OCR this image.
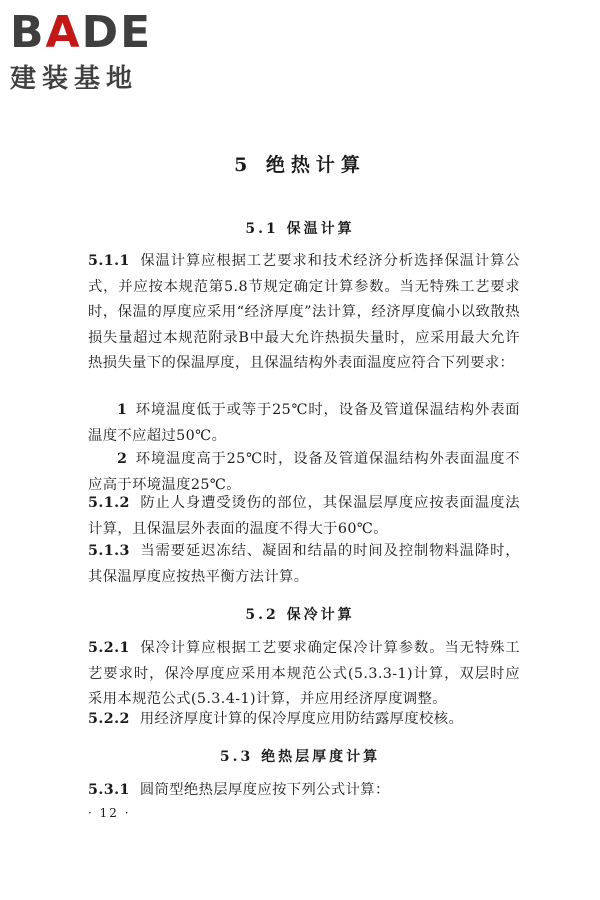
BADE
建装基地
5 绝热计算
5.1 保温计算

5.1.1 保温计算应根据工艺要求和技术经济分析选择保温计算公式，并应按本规范第5.8节规定确定计算参数。当无特殊工艺要求时，保温的厚度应采用“经济厚度”法计算，经济厚度偏小以致散热损失量超过本规范附录B中最大允许热损失量时，应采用最大允许热损失量下的保温厚度，且保温结构外表面温度应符合下列要求：

1 环境温度低于或等于25℃时，设备及管道保温结构外表面温度不应超过50℃。

2 环境温度高于25℃时，设备及管道保温结构外表面温度不应高于环境温度25℃。

5.1.2 防止人身遭受烫伤的部位，其保温层厚度应按表面温度法计算，且保温层外表面的温度不得大于60℃。

5.1.3 当需要延迟冻结、凝固和结晶的时间及控制物料温降时，其保温厚度应按热平衡方法计算。

5.2 保冷计算

5.2.1 保冷计算应根据工艺要求确定保冷计算参数。当无特殊工艺要求时，保冷厚度应采用本规范公式(5.3.3-1)计算，双层时应采用本规范公式(5.3.4-1)计算，并应用经济厚度调整。

5.2.2 用经济厚度计算的保冷厚度应用防结露厚度校核。

5.3 绝热层厚度计算

5.3.1 圆筒型绝热层厚度应按下列公式计算：

· 12 ·
